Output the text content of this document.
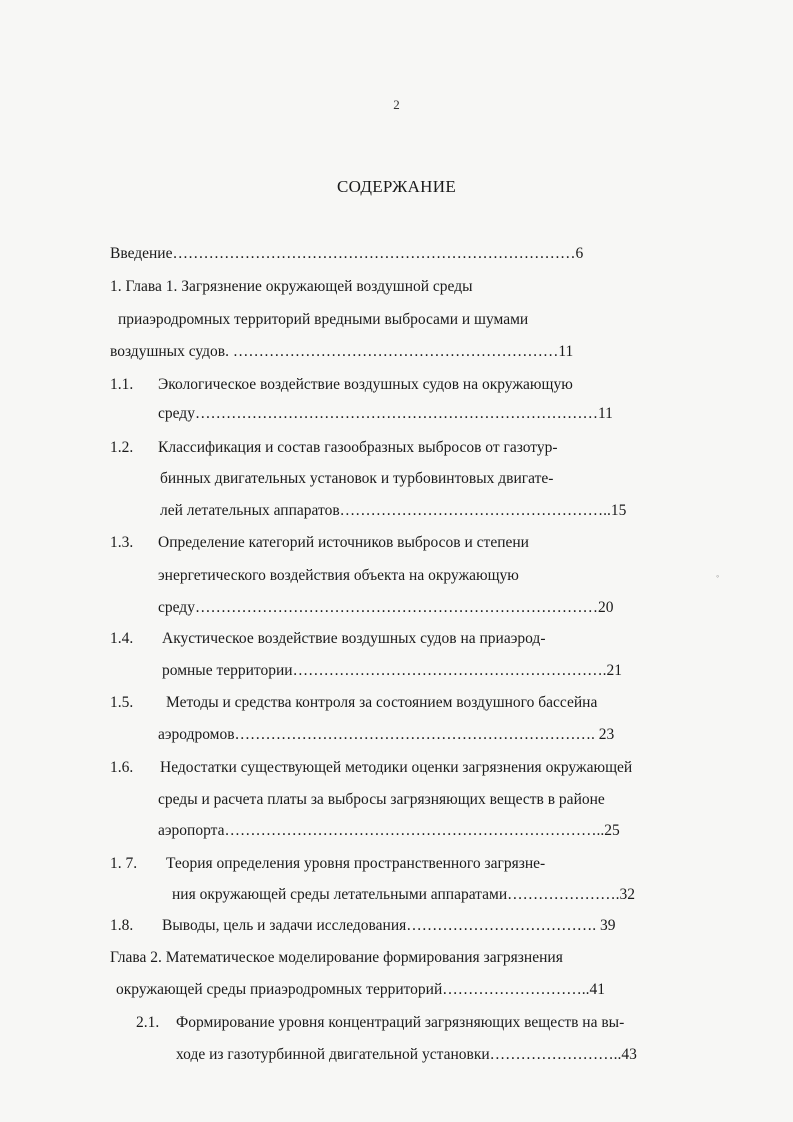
2
СОДЕРЖАНИЕ
Введение……………………………………………………………………6
1. Глава 1. Загрязнение окружающей воздушной среды
приаэродромных территорий вредными выбросами и шумами
воздушных судов. ………………………………………………………11
1.1.	Экологическое воздействие воздушных судов на окружающую
среду……………………………………………………………………11
1.2.	Классификация и состав газообразных выбросов от газотур-
бинных двигательных установок и турбовинтовых двигате-
лей летательных аппаратов……………………………………………..15
1.3.	Определение категорий источников выбросов и степени
энергетического воздействия объекта на окружающую
среду……………………………………………………………………20
1.4.	Акустическое воздействие воздушных судов на приаэрод-
ромные территории…………………………………………………….21
1.5.	Методы и средства контроля за состоянием воздушного бассейна
аэродромов……………………………………………………………. 23
1.6.	Недостатки существующей методики оценки загрязнения окружающей
среды и расчета платы за выбросы загрязняющих веществ в районе
аэропорта………………………………………………………………..25
1. 7.	Теория определения уровня пространственного загрязне-
ния окружающей среды летательными аппаратами………………….32
1.8.	Выводы, цель и задачи исследования………………………………. 39
Глава 2. Математическое моделирование формирования загрязнения
окружающей среды приаэродромных территорий………………………..41
2.1.	Формирование уровня концентраций загрязняющих веществ на вы-
ходе из газотурбинной двигательной установки……………………..43
◦
